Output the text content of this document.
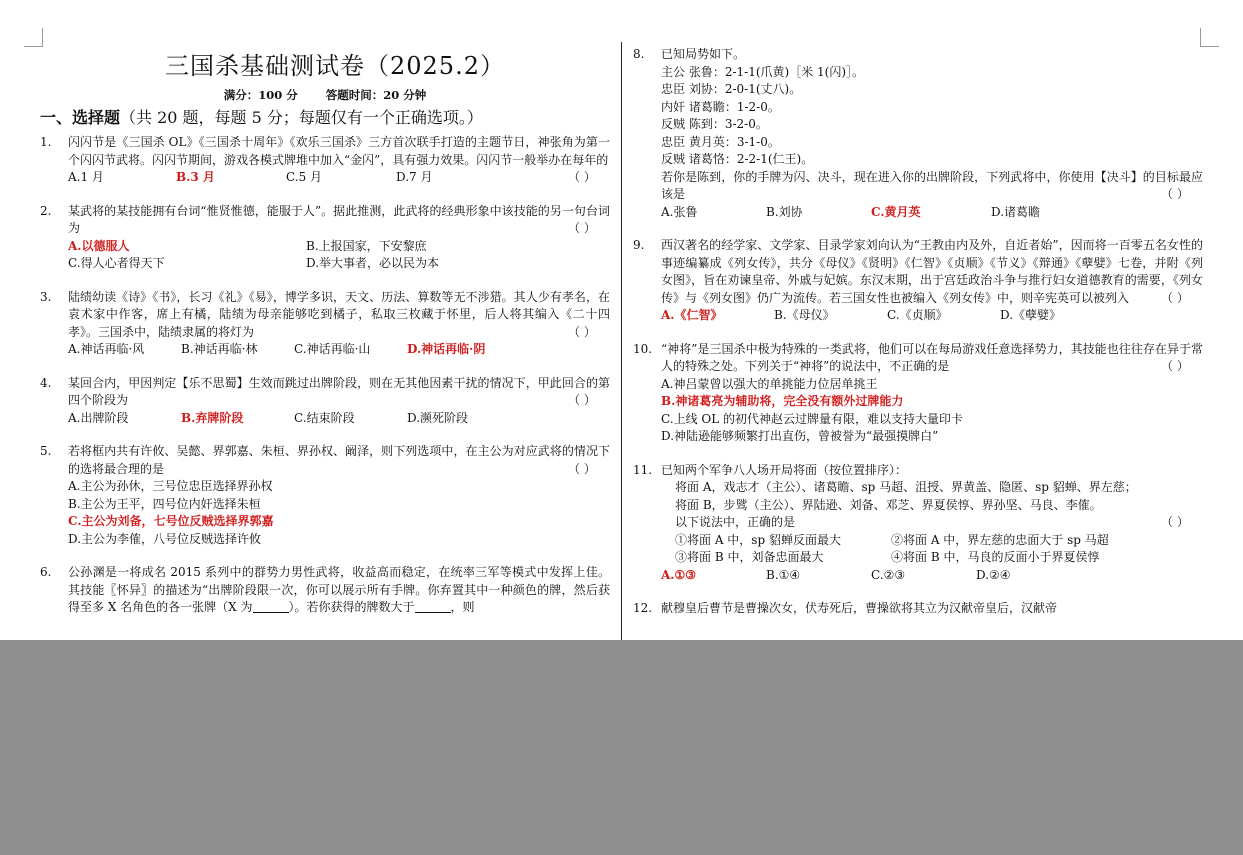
三国杀基础测试卷（2025.2）
满分：100 分 答题时间：20 分钟
一、选择题（共 20 题，每题 5 分；每题仅有一个正确选项。）
1. 闪闪节是《三国杀 OL》《三国杀十周年》《欢乐三国杀》三方首次联手打造的主题节日，神张角为第一个闪闪节武将。闪闪节期间，游戏各模式牌堆中加入“金闪”，具有强力效果。闪闪节一般举办在每年的
（ ）

A.1 月	B.3 月	C.5 月	D.7 月
2. 某武将的某技能拥有台词“惟贤惟德，能服于人”。据此推测，此武将的经典形象中该技能的另一句台词为	（ ）

A.以德服人	B.上报国家，下安黎庶
C.得人心者得天下	D.举大事者，必以民为本
3. 陆绩幼读《诗》《书》，长习《礼》《易》，博学多识，天文、历法、算数等无不涉猎。其人少有孝名，在袁术家中作客，席上有橘，陆绩为母亲能够吃到橘子，私取三枚藏于怀里，后人将其编入《二十四孝》。三国杀中，陆绩隶属的将灯为	（ ）

A.神话再临·风	B.神话再临·林	C.神话再临·山	D.神话再临·阴
4. 某回合内，甲因判定【乐不思蜀】生效而跳过出牌阶段，则在无其他因素干扰的情况下，甲此回合的第四个阶段为	（ ）

A.出牌阶段	B.弃牌阶段	C.结束阶段	D.濒死阶段
5. 若将框内共有许攸、吴懿、界郭嘉、朱桓、界孙权、阚泽，则下列选项中，在主公为对应武将的情况下的选将最合理的是	（ ）

A.主公为孙休，三号位忠臣选择界孙权
B.主公为王平，四号位内奸选择朱桓
C.主公为刘备，七号位反贼选择界郭嘉
D.主公为李傕，八号位反贼选择许攸
6. 公孙渊是一将成名 2015 系列中的群势力男性武将，收益高而稳定，在统率三军等模式中发挥上佳。其技能〖怀异〗的描述为“出牌阶段限一次，你可以展示所有手牌。你弃置其中一种颜色的牌，然后获得至多 X 名角色的各一张牌（X 为	）。若你获得的牌数大于	，则

8. 已知局势如下。
主公 张鲁：2-1-1(爪黄)［米 1(闪)］。
忠臣 刘协：2-0-1(丈八)。
内奸 诸葛瞻：1-2-0。
反贼 陈到：3-2-0。
忠臣 黄月英：3-1-0。
反贼 诸葛恪：2-2-1(仁王)。

若你是陈到，你的手牌为闪、决斗，现在进入你的出牌阶段，下列武将中，你使用【决斗】的目标最应该是	（ ）

A.张鲁	B.刘协	C.黄月英	D.诸葛瞻
9. 西汉著名的经学家、文学家、目录学家刘向认为“王教由内及外，自近者始”，因而将一百零五名女性的事迹编纂成《列女传》，共分《母仪》《贤明》《仁智》《贞顺》《节义》《辩通》《孽嬖》七卷，并附《列女图》，旨在劝谏皇帝、外戚与妃嫔。东汉末期，出于宫廷政治斗争与推行妇女道德教育的需要，《列女传》与《列女图》仍广为流传。若三国女性也被编入《列女传》中，则辛宪英可以被列入	（ ）

A.《仁智》	B.《母仪》	C.《贞顺》	D.《孽嬖》
10. “神将”是三国杀中极为特殊的一类武将，他们可以在每局游戏任意选择势力，其技能也往往存在异于常人的特殊之处。下列关于“神将”的说法中，不正确的是	（ ）

A.神吕蒙曾以强大的单挑能力位居单挑王
B.神诸葛亮为辅助将，完全没有额外过牌能力
C.上线 OL 的初代神赵云过牌量有限，难以支持大量印卡
D.神陆逊能够频繁打出直伤，曾被誉为“最强摸牌白”
11. 已知两个军争八人场开局将面（按位置排序）：
将面 A，戏志才（主公）、诸葛瞻、sp 马超、沮授、界黄盖、隐匿、sp 貂蝉、界左慈；
将面 B，步骘（主公）、界陆逊、刘备、邓芝、界夏侯惇、界孙坚、马良、李傕。
以下说法中，正确的是	（ ）
①将面 A 中，sp 貂蝉反面最大	②将面 A 中，界左慈的忠面大于 sp 马超
③将面 B 中，刘备忠面最大	④将面 B 中，马良的反面小于界夏侯惇
A.①③	B.①④	C.②③	D.②④
12. 献穆皇后曹节是曹操次女，伏寿死后，曹操欲将其立为汉献帝皇后，汉献帝
